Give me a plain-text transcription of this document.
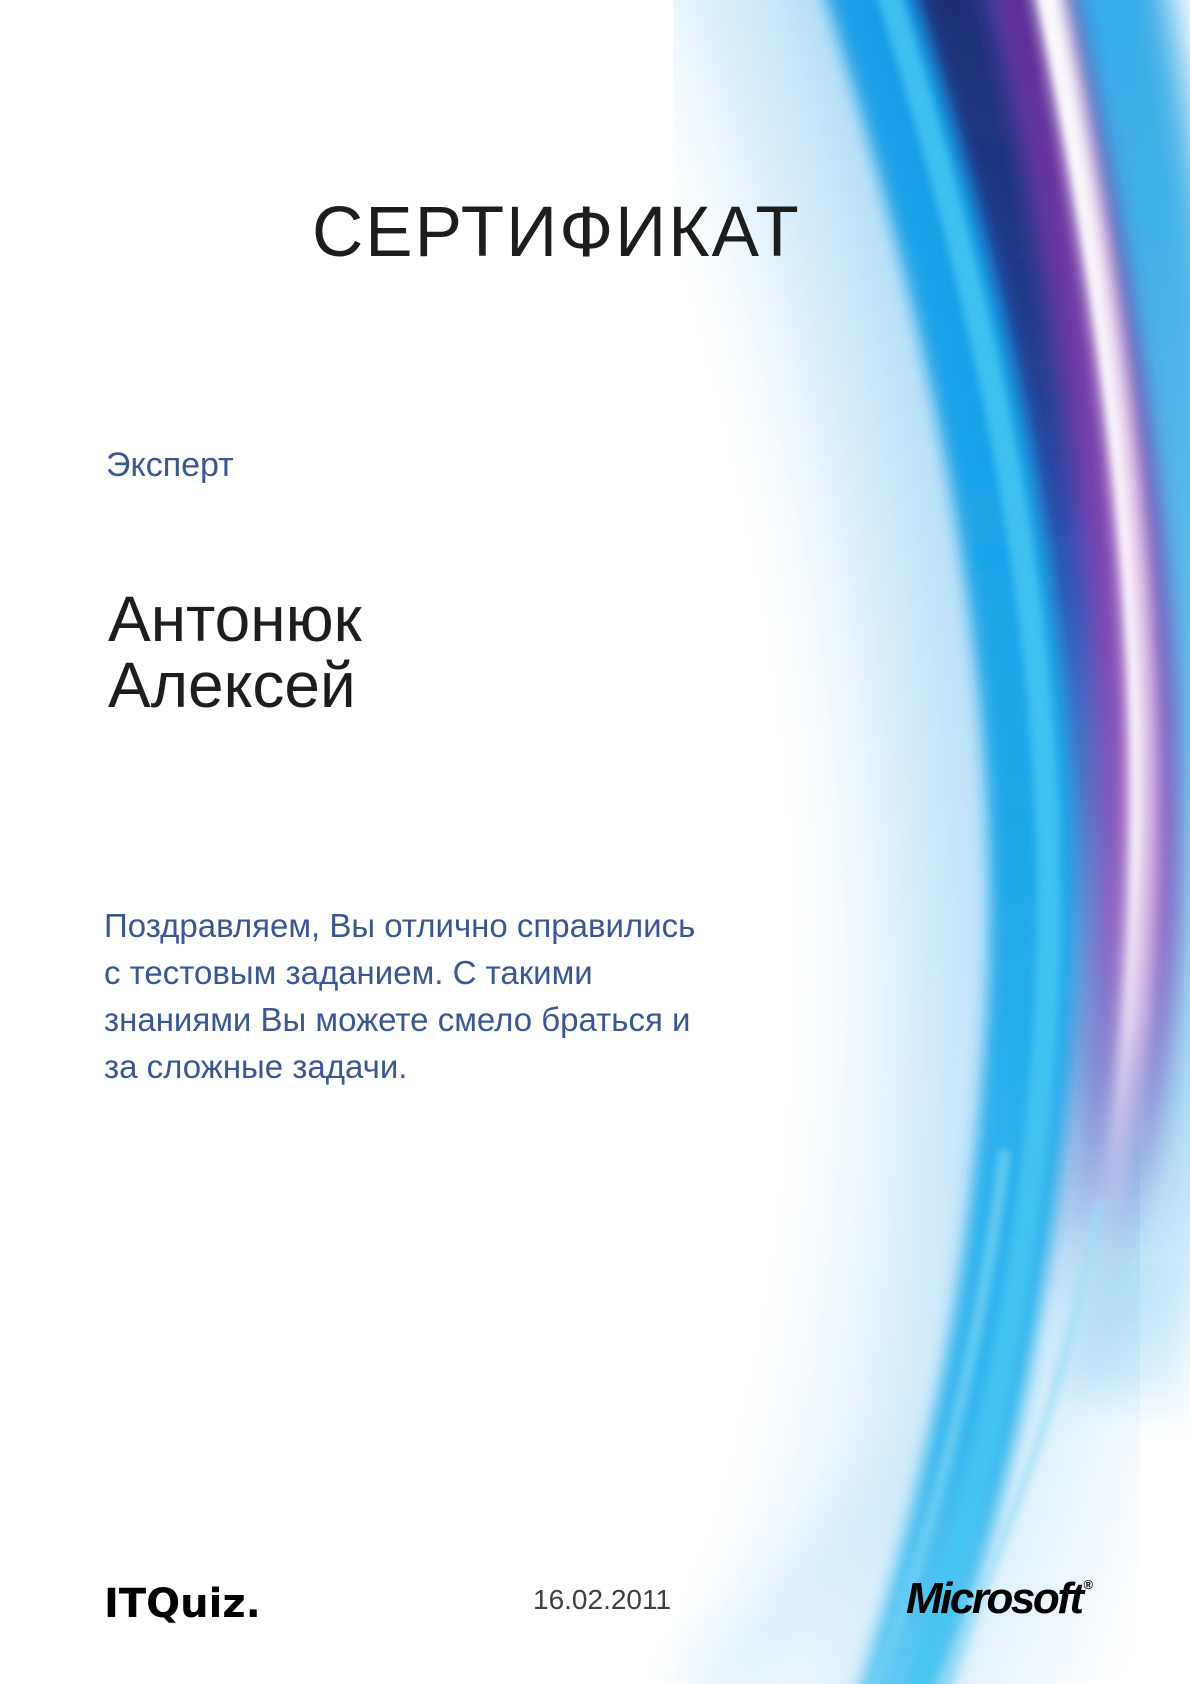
СЕРТИФИКАТ
Эксперт
Антонюк
Алексей
Поздравляем, Вы отлично справились
с тестовым заданием. С такими
знаниями Вы можете смело браться и
за сложные задачи.
ITQuiz.	16.02.2011	Microsoft ®
